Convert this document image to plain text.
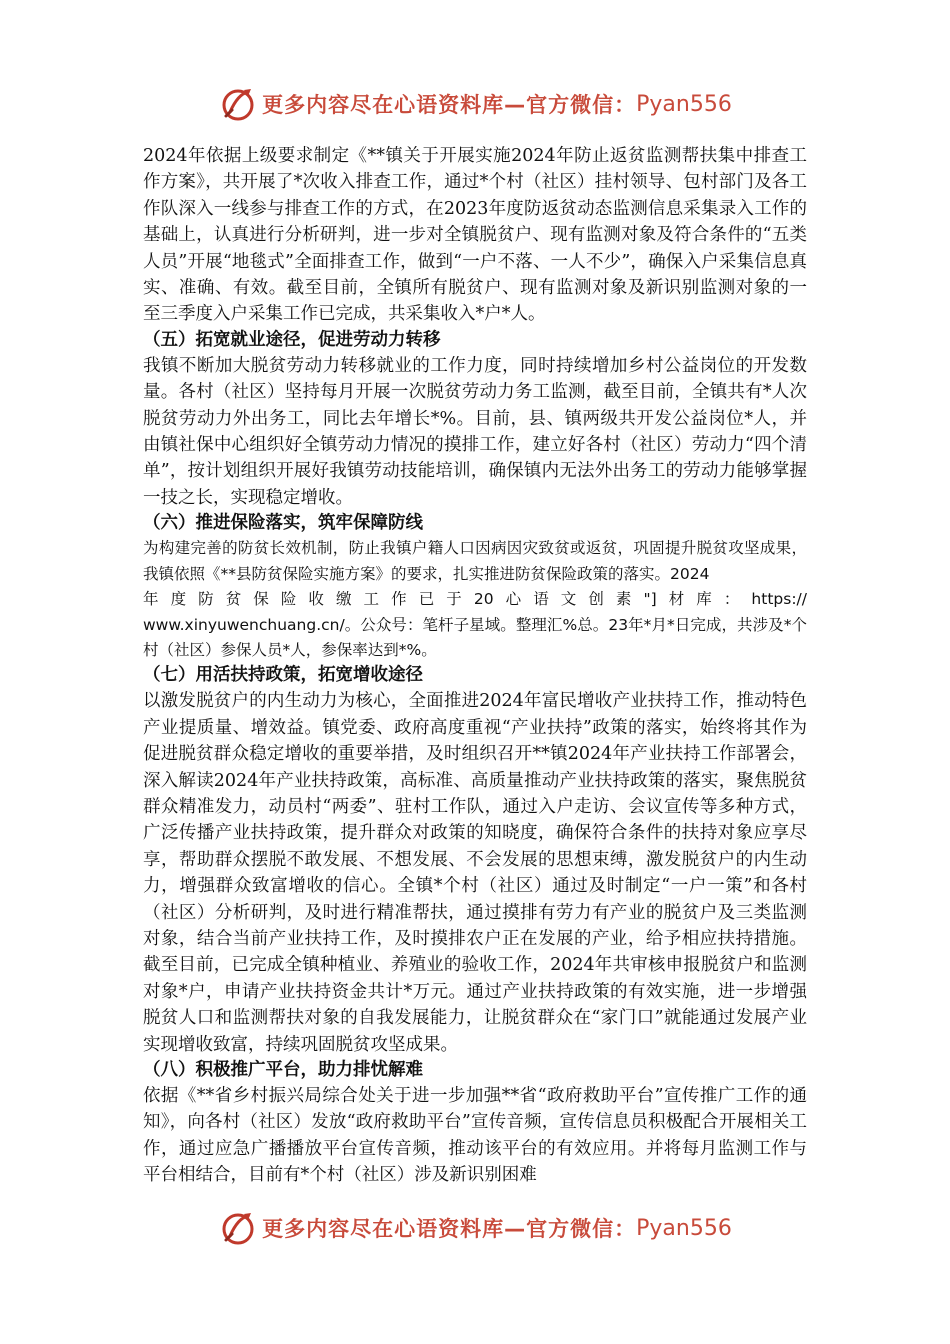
更多内容尽在心语资料库—官方微信： Pyan556

2024年依据上级要求制定《**镇关于开展实施2024年防止返贫监测帮扶集中排查工作方案》，共开展了*次收入排查工作，通过*个村（社区）挂村领导、包村部门及各工作队深入一线参与排查工作的方式，在2023年度防返贫动态监测信息采集录入工作的基础上，认真进行分析研判，进一步对全镇脱贫户、现有监测对象及符合条件的“五类人员”开展“地毯式”全面排查工作，做到“一户不落、一人不少”，确保入户采集信息真实、准确、有效。截至目前，全镇所有脱贫户、现有监测对象及新识别监测对象的一至三季度入户采集工作已完成，共采集收入*户*人。

（五）拓宽就业途径，促进劳动力转移

我镇不断加大脱贫劳动力转移就业的工作力度，同时持续增加乡村公益岗位的开发数量。各村（社区）坚持每月开展一次脱贫劳动力务工监测，截至目前，全镇共有*人次脱贫劳动力外出务工，同比去年增长*%。目前，县、镇两级共开发公益岗位*人，并由镇社保中心组织好全镇劳动力情况的摸排工作，建立好各村（社区）劳动力“四个清单”，按计划组织开展好我镇劳动技能培训，确保镇内无法外出务工的劳动力能够掌握一技之长，实现稳定增收。

（六）推进保险落实，筑牢保障防线

为构建完善的防贫长效机制，防止我镇户籍人口因病因灾致贫或返贫，巩固提升脱贫攻坚成果，我镇依照《**县防贫保险实施方案》的要求，扎实推进防贫保险政策的落实。2024

年度防贫保险收缴工作已于20心语文创素"]材库：https://

www.xinyuwenchuang.cn/。公众号：笔杆子星域。整理汇%总。23年*月*日完成，共涉及*个村（社区）参保人员*人，参保率达到*%。

（七）用活扶持政策，拓宽增收途径

以激发脱贫户的内生动力为核心，全面推进2024年富民增收产业扶持工作，推动特色产业提质量、增效益。镇党委、政府高度重视“产业扶持”政策的落实，始终将其作为促进脱贫群众稳定增收的重要举措，及时组织召开**镇2024年产业扶持工作部署会，深入解读2024年产业扶持政策，高标准、高质量推动产业扶持政策的落实，聚焦脱贫群众精准发力，动员村“两委”、驻村工作队，通过入户走访、会议宣传等多种方式，广泛传播产业扶持政策，提升群众对政策的知晓度，确保符合条件的扶持对象应享尽享，帮助群众摆脱不敢发展、不想发展、不会发展的思想束缚，激发脱贫户的内生动力，增强群众致富增收的信心。全镇*个村（社区）通过及时制定“一户一策”和各村（社区）分析研判，及时进行精准帮扶，通过摸排有劳力有产业的脱贫户及三类监测对象，结合当前产业扶持工作，及时摸排农户正在发展的产业，给予相应扶持措施。截至目前，已完成全镇种植业、养殖业的验收工作，2024年共审核申报脱贫户和监测对象*户，申请产业扶持资金共计*万元。通过产业扶持政策的有效实施，进一步增强脱贫人口和监测帮扶对象的自我发展能力，让脱贫群众在“家门口”就能通过发展产业实现增收致富，持续巩固脱贫攻坚成果。

（八）积极推广平台，助力排忧解难

依据《**省乡村振兴局综合处关于进一步加强**省“政府救助平台”宣传推广工作的通知》，向各村（社区）发放“政府救助平台”宣传音频，宣传信息员积极配合开展相关工作，通过应急广播播放平台宣传音频，推动该平台的有效应用。并将每月监测工作与平台相结合，目前有*个村（社区）涉及新识别困难

更多内容尽在心语资料库—官方微信： Pyan556
